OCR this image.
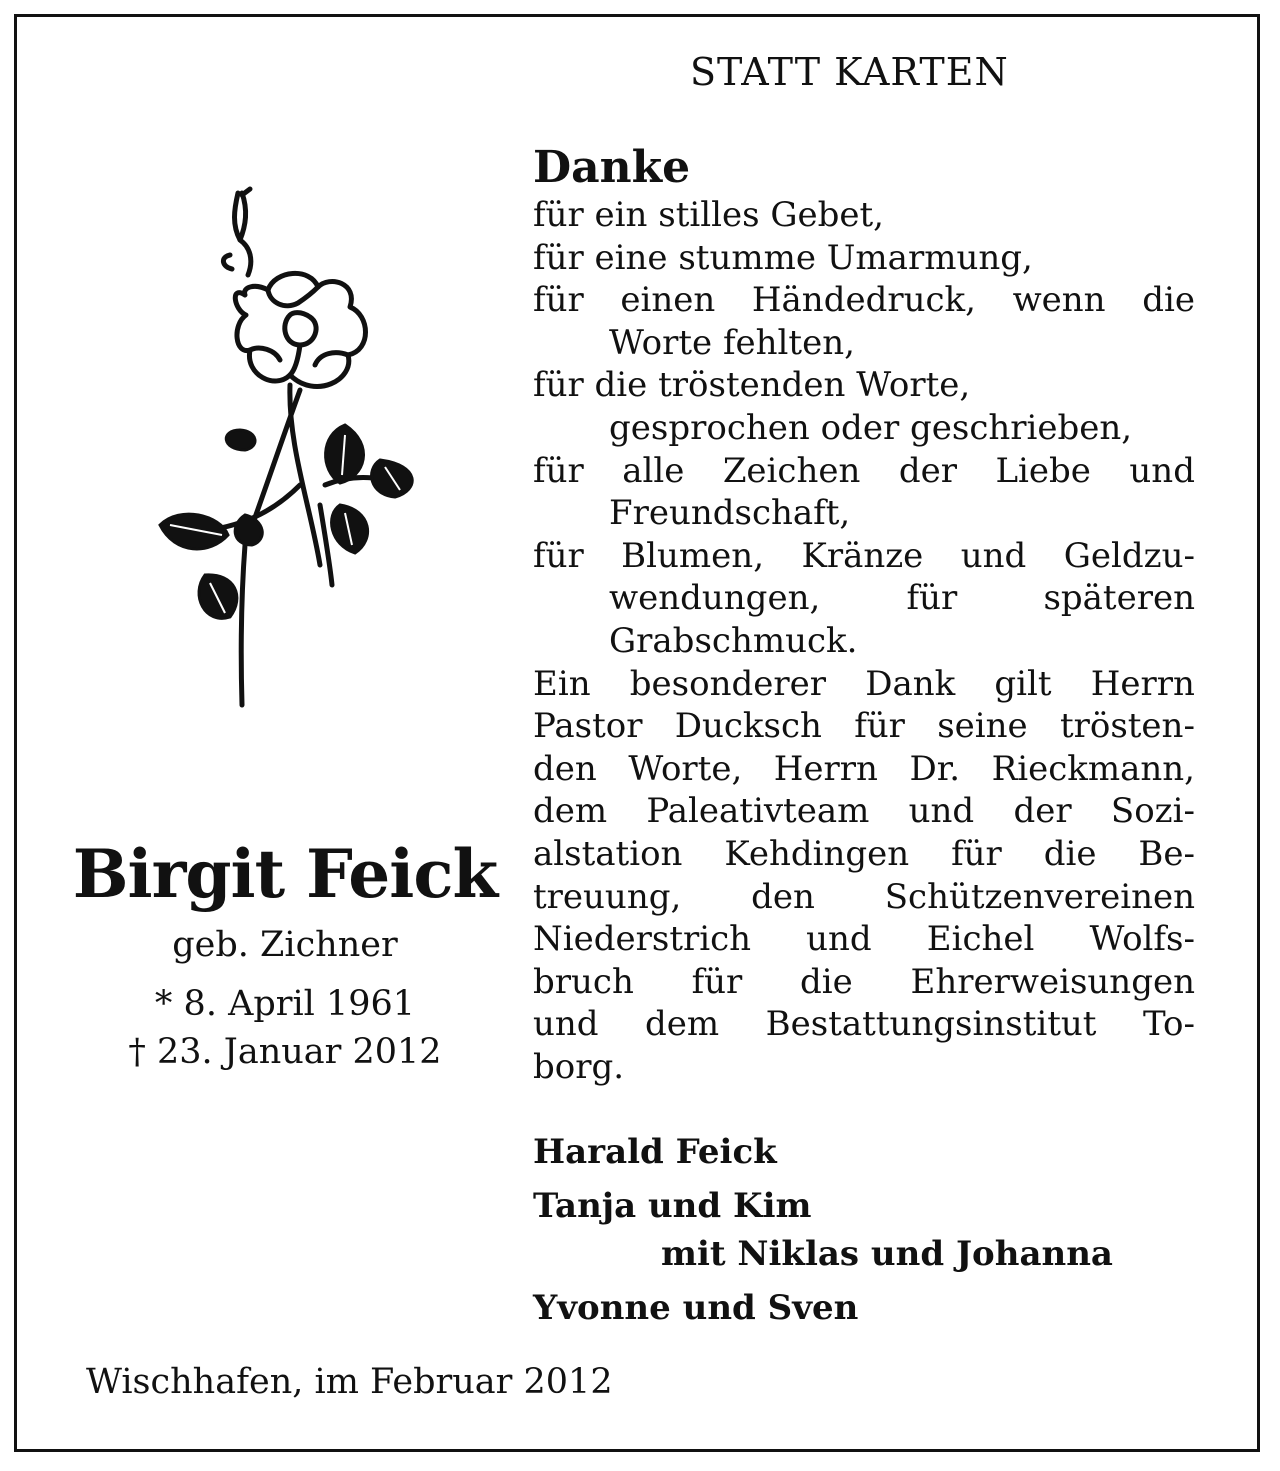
STATT KARTEN
Birgit Feick
geb. Zichner
* 8. April 1961
† 23. Januar 2012
Danke
für ein stilles Gebet,
für eine stumme Umarmung,
für einen Händedruck, wenn die
Worte fehlten,
für die tröstenden Worte,
gesprochen oder geschrieben,
für alle Zeichen der Liebe und
Freundschaft,
für Blumen, Kränze und Geldzu-
wendungen,	für	späteren
Grabschmuck.
Ein besonderer Dank gilt Herrn
Pastor Ducksch für seine trösten-
den Worte, Herrn Dr. Rieckmann,
dem Paleativteam und der Sozi-
alstation Kehdingen für die Be-
treuung, den Schützenvereinen
Niederstrich und Eichel Wolfs-
bruch für die Ehrerweisungen
und dem Bestattungsinstitut To-
borg.
Harald Feick
Tanja und Kim
mit Niklas und Johanna
Yvonne und Sven
Wischhafen, im Februar 2012
